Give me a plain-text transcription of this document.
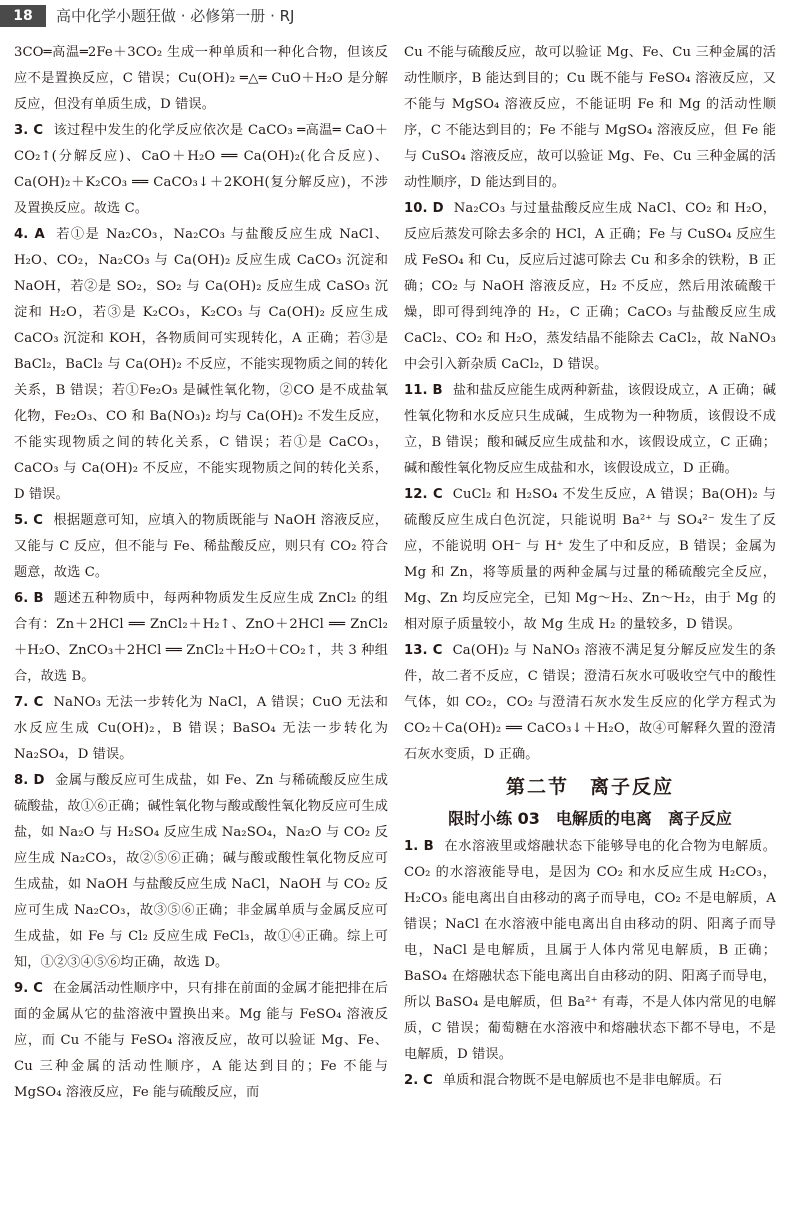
18	高中化学小题狂做 · 必修第一册 · RJ

3CO═高温═2Fe＋3CO₂ 生成一种单质和一种化合物，但该反应不是置换反应，C 错误；Cu(OH)₂ ═△═ CuO＋H₂O 是分解反应，但没有单质生成，D 错误。

3. C 该过程中发生的化学反应依次是 CaCO₃ ═高温═ CaO＋CO₂↑(分解反应)、CaO＋H₂O ══ Ca(OH)₂(化合反应)、Ca(OH)₂＋K₂CO₃ ══ CaCO₃↓＋2KOH(复分解反应)，不涉及置换反应。故选 C。

4. A 若①是 Na₂CO₃，Na₂CO₃ 与盐酸反应生成 NaCl、H₂O、CO₂，Na₂CO₃ 与 Ca(OH)₂ 反应生成 CaCO₃ 沉淀和 NaOH，若②是 SO₂，SO₂ 与 Ca(OH)₂ 反应生成 CaSO₃ 沉淀和 H₂O，若③是 K₂CO₃，K₂CO₃ 与 Ca(OH)₂ 反应生成 CaCO₃ 沉淀和 KOH，各物质间可实现转化，A 正确；若③是 BaCl₂，BaCl₂ 与 Ca(OH)₂ 不反应，不能实现物质之间的转化关系，B 错误；若①Fe₂O₃ 是碱性氧化物，②CO 是不成盐氧化物，Fe₂O₃、CO 和 Ba(NO₃)₂ 均与 Ca(OH)₂ 不发生反应，不能实现物质之间的转化关系，C 错误；若①是 CaCO₃，CaCO₃ 与 Ca(OH)₂ 不反应，不能实现物质之间的转化关系，D 错误。

5. C 根据题意可知，应填入的物质既能与 NaOH 溶液反应，又能与 C 反应，但不能与 Fe、稀盐酸反应，则只有 CO₂ 符合题意，故选 C。

6. B 题述五种物质中，每两种物质发生反应生成 ZnCl₂ 的组合有：Zn＋2HCl ══ ZnCl₂＋H₂↑、ZnO＋2HCl ══ ZnCl₂＋H₂O、ZnCO₃＋2HCl ══ ZnCl₂＋H₂O＋CO₂↑，共 3 种组合，故选 B。

7. C NaNO₃ 无法一步转化为 NaCl，A 错误；CuO 无法和水反应生成 Cu(OH)₂，B 错误；BaSO₄ 无法一步转化为 Na₂SO₄，D 错误。

8. D 金属与酸反应可生成盐，如 Fe、Zn 与稀硫酸反应生成硫酸盐，故①⑥正确；碱性氧化物与酸或酸性氧化物反应可生成盐，如 Na₂O 与 H₂SO₄ 反应生成 Na₂SO₄，Na₂O 与 CO₂ 反应生成 Na₂CO₃，故②⑤⑥正确；碱与酸或酸性氧化物反应可生成盐，如 NaOH 与盐酸反应生成 NaCl，NaOH 与 CO₂ 反应可生成 Na₂CO₃，故③⑤⑥正确；非金属单质与金属反应可生成盐，如 Fe 与 Cl₂ 反应生成 FeCl₃，故①④正确。综上可知，①②③④⑤⑥均正确，故选 D。

9. C 在金属活动性顺序中，只有排在前面的金属才能把排在后面的金属从它的盐溶液中置换出来。Mg 能与 FeSO₄ 溶液反应，而 Cu 不能与 FeSO₄ 溶液反应，故可以验证 Mg、Fe、Cu 三种金属的活动性顺序，A 能达到目的；Fe 不能与 MgSO₄ 溶液反应，Fe 能与硫酸反应，而

Cu 不能与硫酸反应，故可以验证 Mg、Fe、Cu 三种金属的活动性顺序，B 能达到目的；Cu 既不能与 FeSO₄ 溶液反应，又不能与 MgSO₄ 溶液反应，不能证明 Fe 和 Mg 的活动性顺序，C 不能达到目的；Fe 不能与 MgSO₄ 溶液反应，但 Fe 能与 CuSO₄ 溶液反应，故可以验证 Mg、Fe、Cu 三种金属的活动性顺序，D 能达到目的。

10. D Na₂CO₃ 与过量盐酸反应生成 NaCl、CO₂ 和 H₂O，反应后蒸发可除去多余的 HCl，A 正确；Fe 与 CuSO₄ 反应生成 FeSO₄ 和 Cu，反应后过滤可除去 Cu 和多余的铁粉，B 正确；CO₂ 与 NaOH 溶液反应，H₂ 不反应，然后用浓硫酸干燥，即可得到纯净的 H₂，C 正确；CaCO₃ 与盐酸反应生成 CaCl₂、CO₂ 和 H₂O，蒸发结晶不能除去 CaCl₂，故 NaNO₃ 中会引入新杂质 CaCl₂，D 错误。

11. B 盐和盐反应能生成两种新盐，该假设成立，A 正确；碱性氧化物和水反应只生成碱，生成物为一种物质，该假设不成立，B 错误；酸和碱反应生成盐和水，该假设成立，C 正确；碱和酸性氧化物反应生成盐和水，该假设成立，D 正确。

12. C CuCl₂ 和 H₂SO₄ 不发生反应，A 错误；Ba(OH)₂ 与硫酸反应生成白色沉淀，只能说明 Ba²⁺ 与 SO₄²⁻ 发生了反应，不能说明 OH⁻ 与 H⁺ 发生了中和反应，B 错误；金属为 Mg 和 Zn，将等质量的两种金属与过量的稀硫酸完全反应，Mg、Zn 均反应完全，已知 Mg～H₂、Zn～H₂，由于 Mg 的相对原子质量较小，故 Mg 生成 H₂ 的量较多，D 错误。

13. C Ca(OH)₂ 与 NaNO₃ 溶液不满足复分解反应发生的条件，故二者不反应，C 错误；澄清石灰水可吸收空气中的酸性气体，如 CO₂，CO₂ 与澄清石灰水发生反应的化学方程式为 CO₂＋Ca(OH)₂ ══ CaCO₃↓＋H₂O，故④可解释久置的澄清石灰水变质，D 正确。

第二节　离子反应
限时小练 03　电解质的电离　离子反应

1. B 在水溶液里或熔融状态下能够导电的化合物为电解质。CO₂ 的水溶液能导电，是因为 CO₂ 和水反应生成 H₂CO₃，H₂CO₃ 能电离出自由移动的离子而导电，CO₂ 不是电解质，A 错误；NaCl 在水溶液中能电离出自由移动的阴、阳离子而导电，NaCl 是电解质，且属于人体内常见电解质，B 正确；BaSO₄ 在熔融状态下能电离出自由移动的阴、阳离子而导电，所以 BaSO₄ 是电解质，但 Ba²⁺ 有毒，不是人体内常见的电解质，C 错误；葡萄糖在水溶液中和熔融状态下都不导电，不是电解质，D 错误。

2. C 单质和混合物既不是电解质也不是非电解质。石
